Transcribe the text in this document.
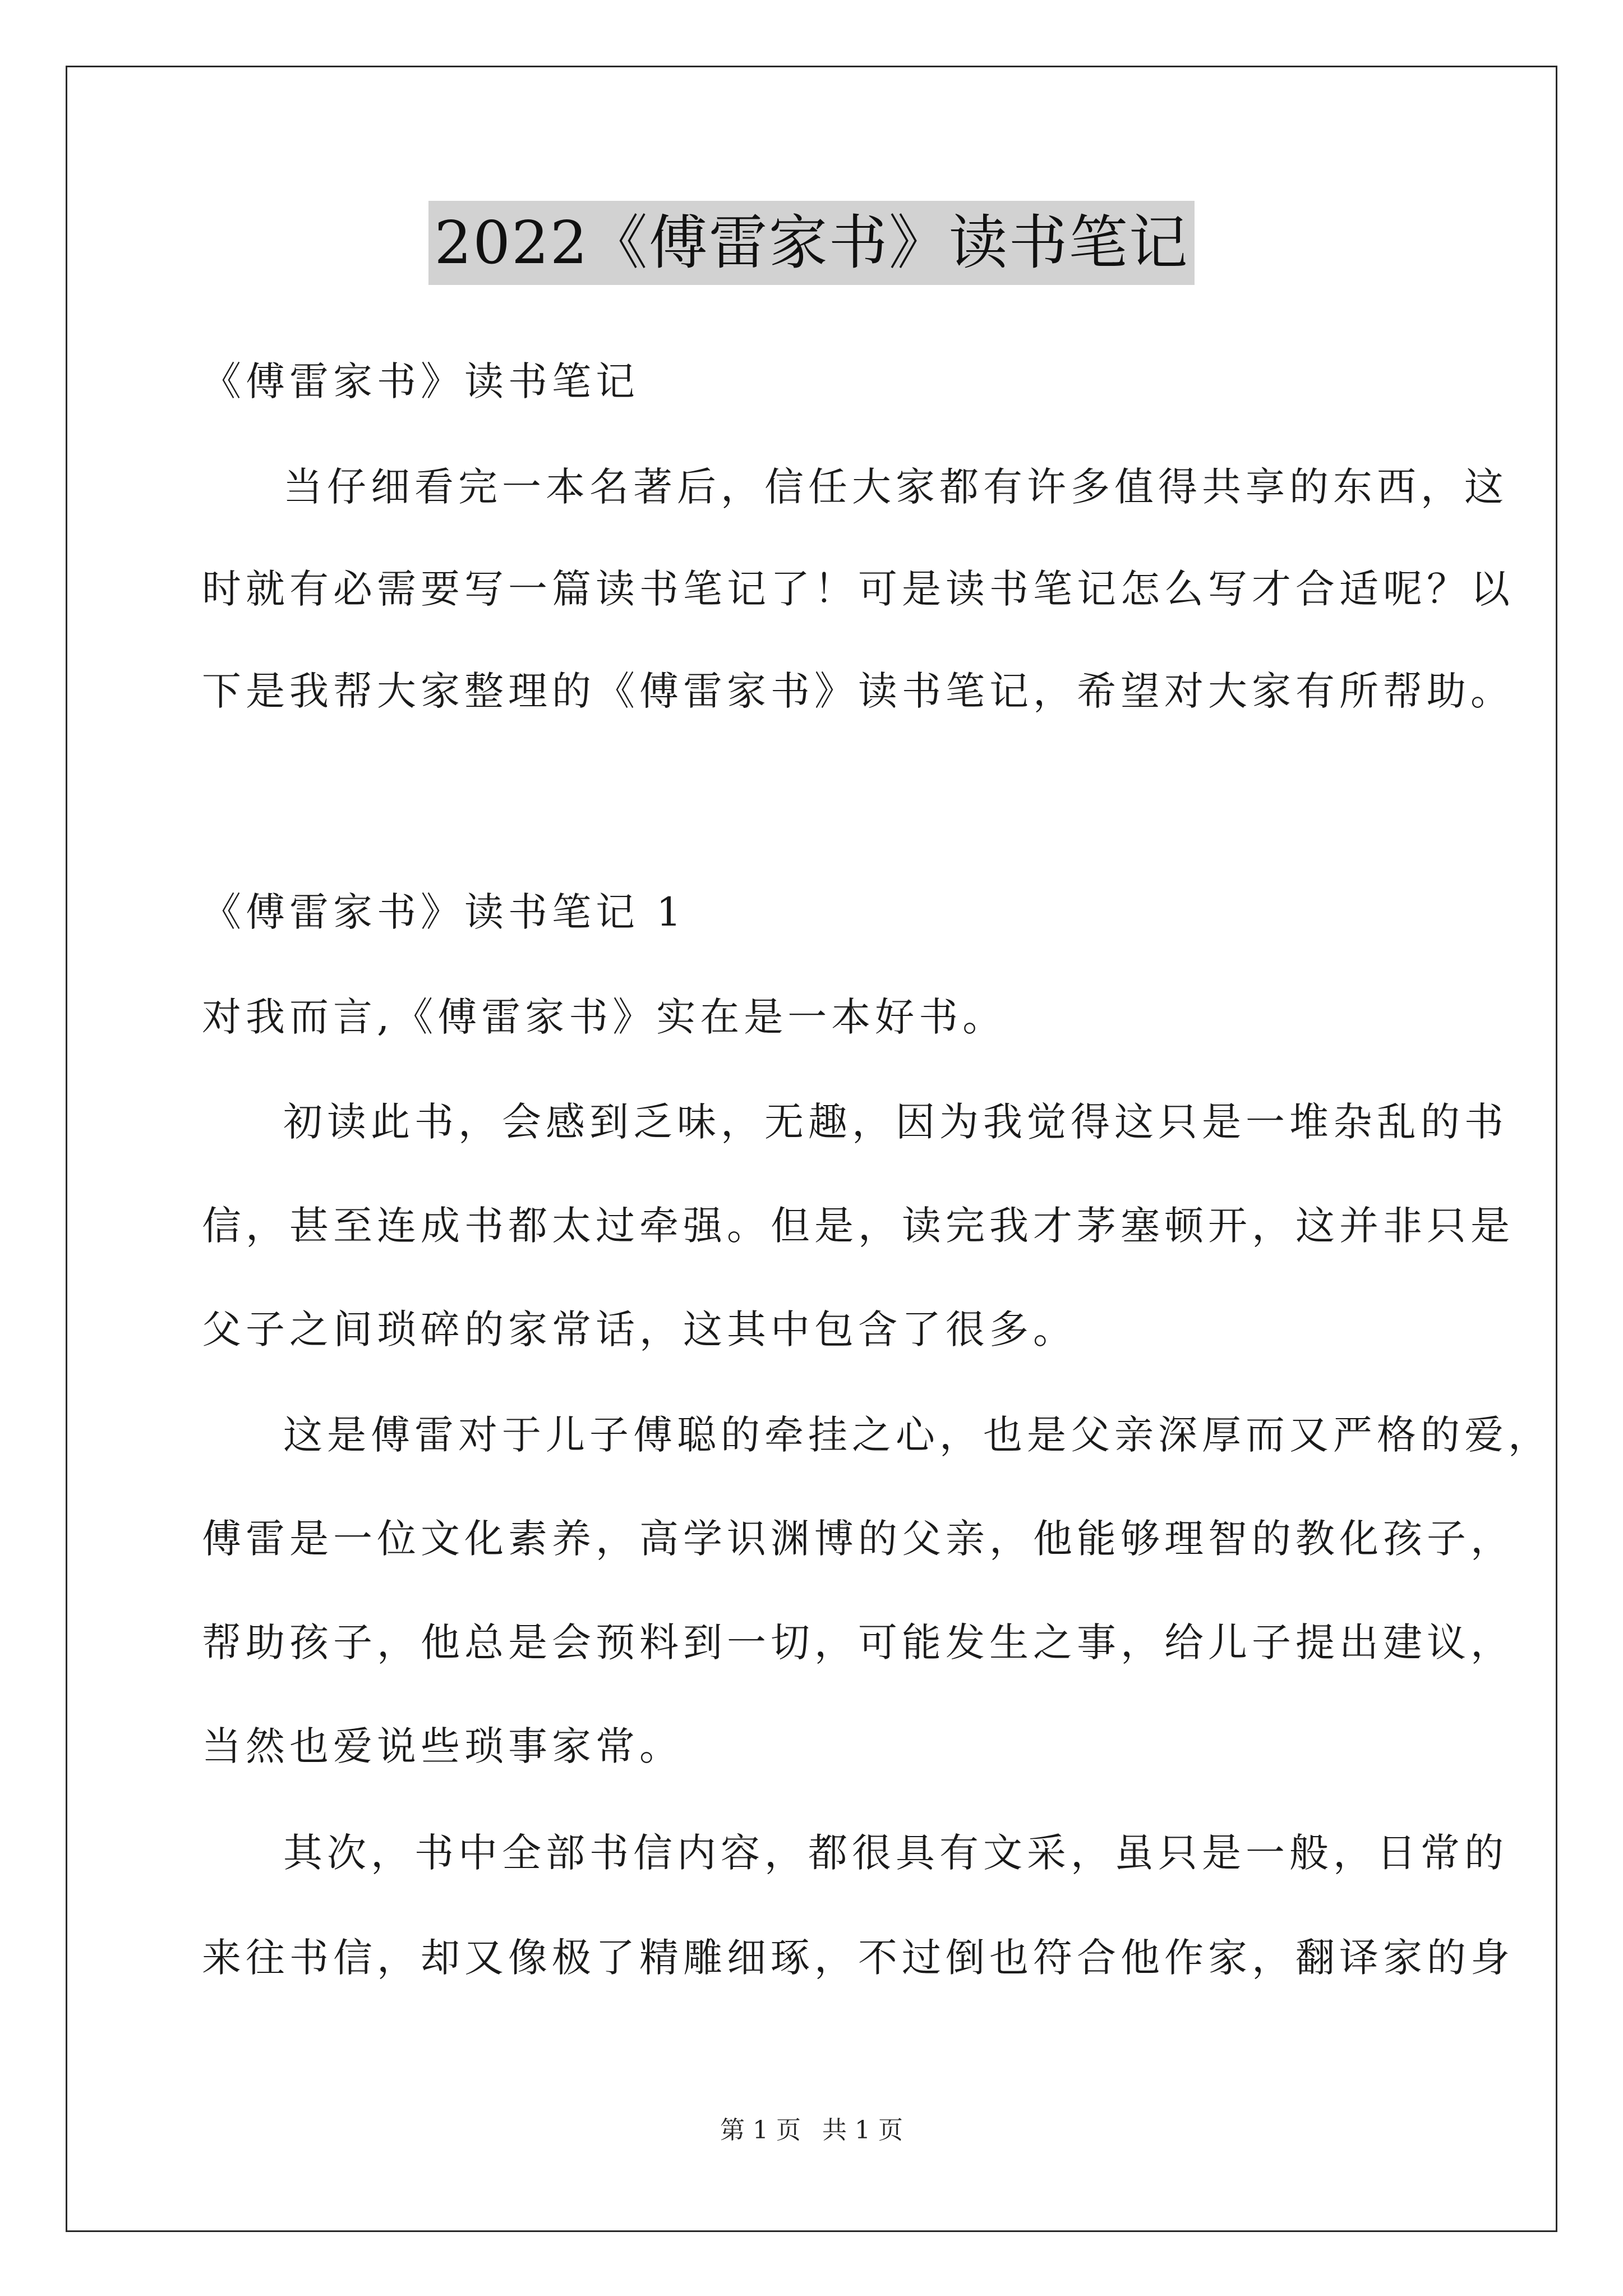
2022《傅雷家书》读书笔记
《傅雷家书》读书笔记
当仔细看完一本名著后，信任大家都有许多值得共享的东西，这
时就有必需要写一篇读书笔记了！可是读书笔记怎么写才合适呢？以
下是我帮大家整理的《傅雷家书》读书笔记，希望对大家有所帮助。
《傅雷家书》读书笔记 1
对我而言,《傅雷家书》实在是一本好书。
初读此书，会感到乏味，无趣，因为我觉得这只是一堆杂乱的书
信，甚至连成书都太过牵强。但是，读完我才茅塞顿开，这并非只是
父子之间琐碎的家常话，这其中包含了很多。
这是傅雷对于儿子傅聪的牵挂之心，也是父亲深厚而又严格的爱，
傅雷是一位文化素养，高学识渊博的父亲，他能够理智的教化孩子，
帮助孩子，他总是会预料到一切，可能发生之事，给儿子提出建议，
当然也爱说些琐事家常。
其次，书中全部书信内容，都很具有文采，虽只是一般，日常的
来往书信，却又像极了精雕细琢，不过倒也符合他作家，翻译家的身
第 1 页 共 1 页
